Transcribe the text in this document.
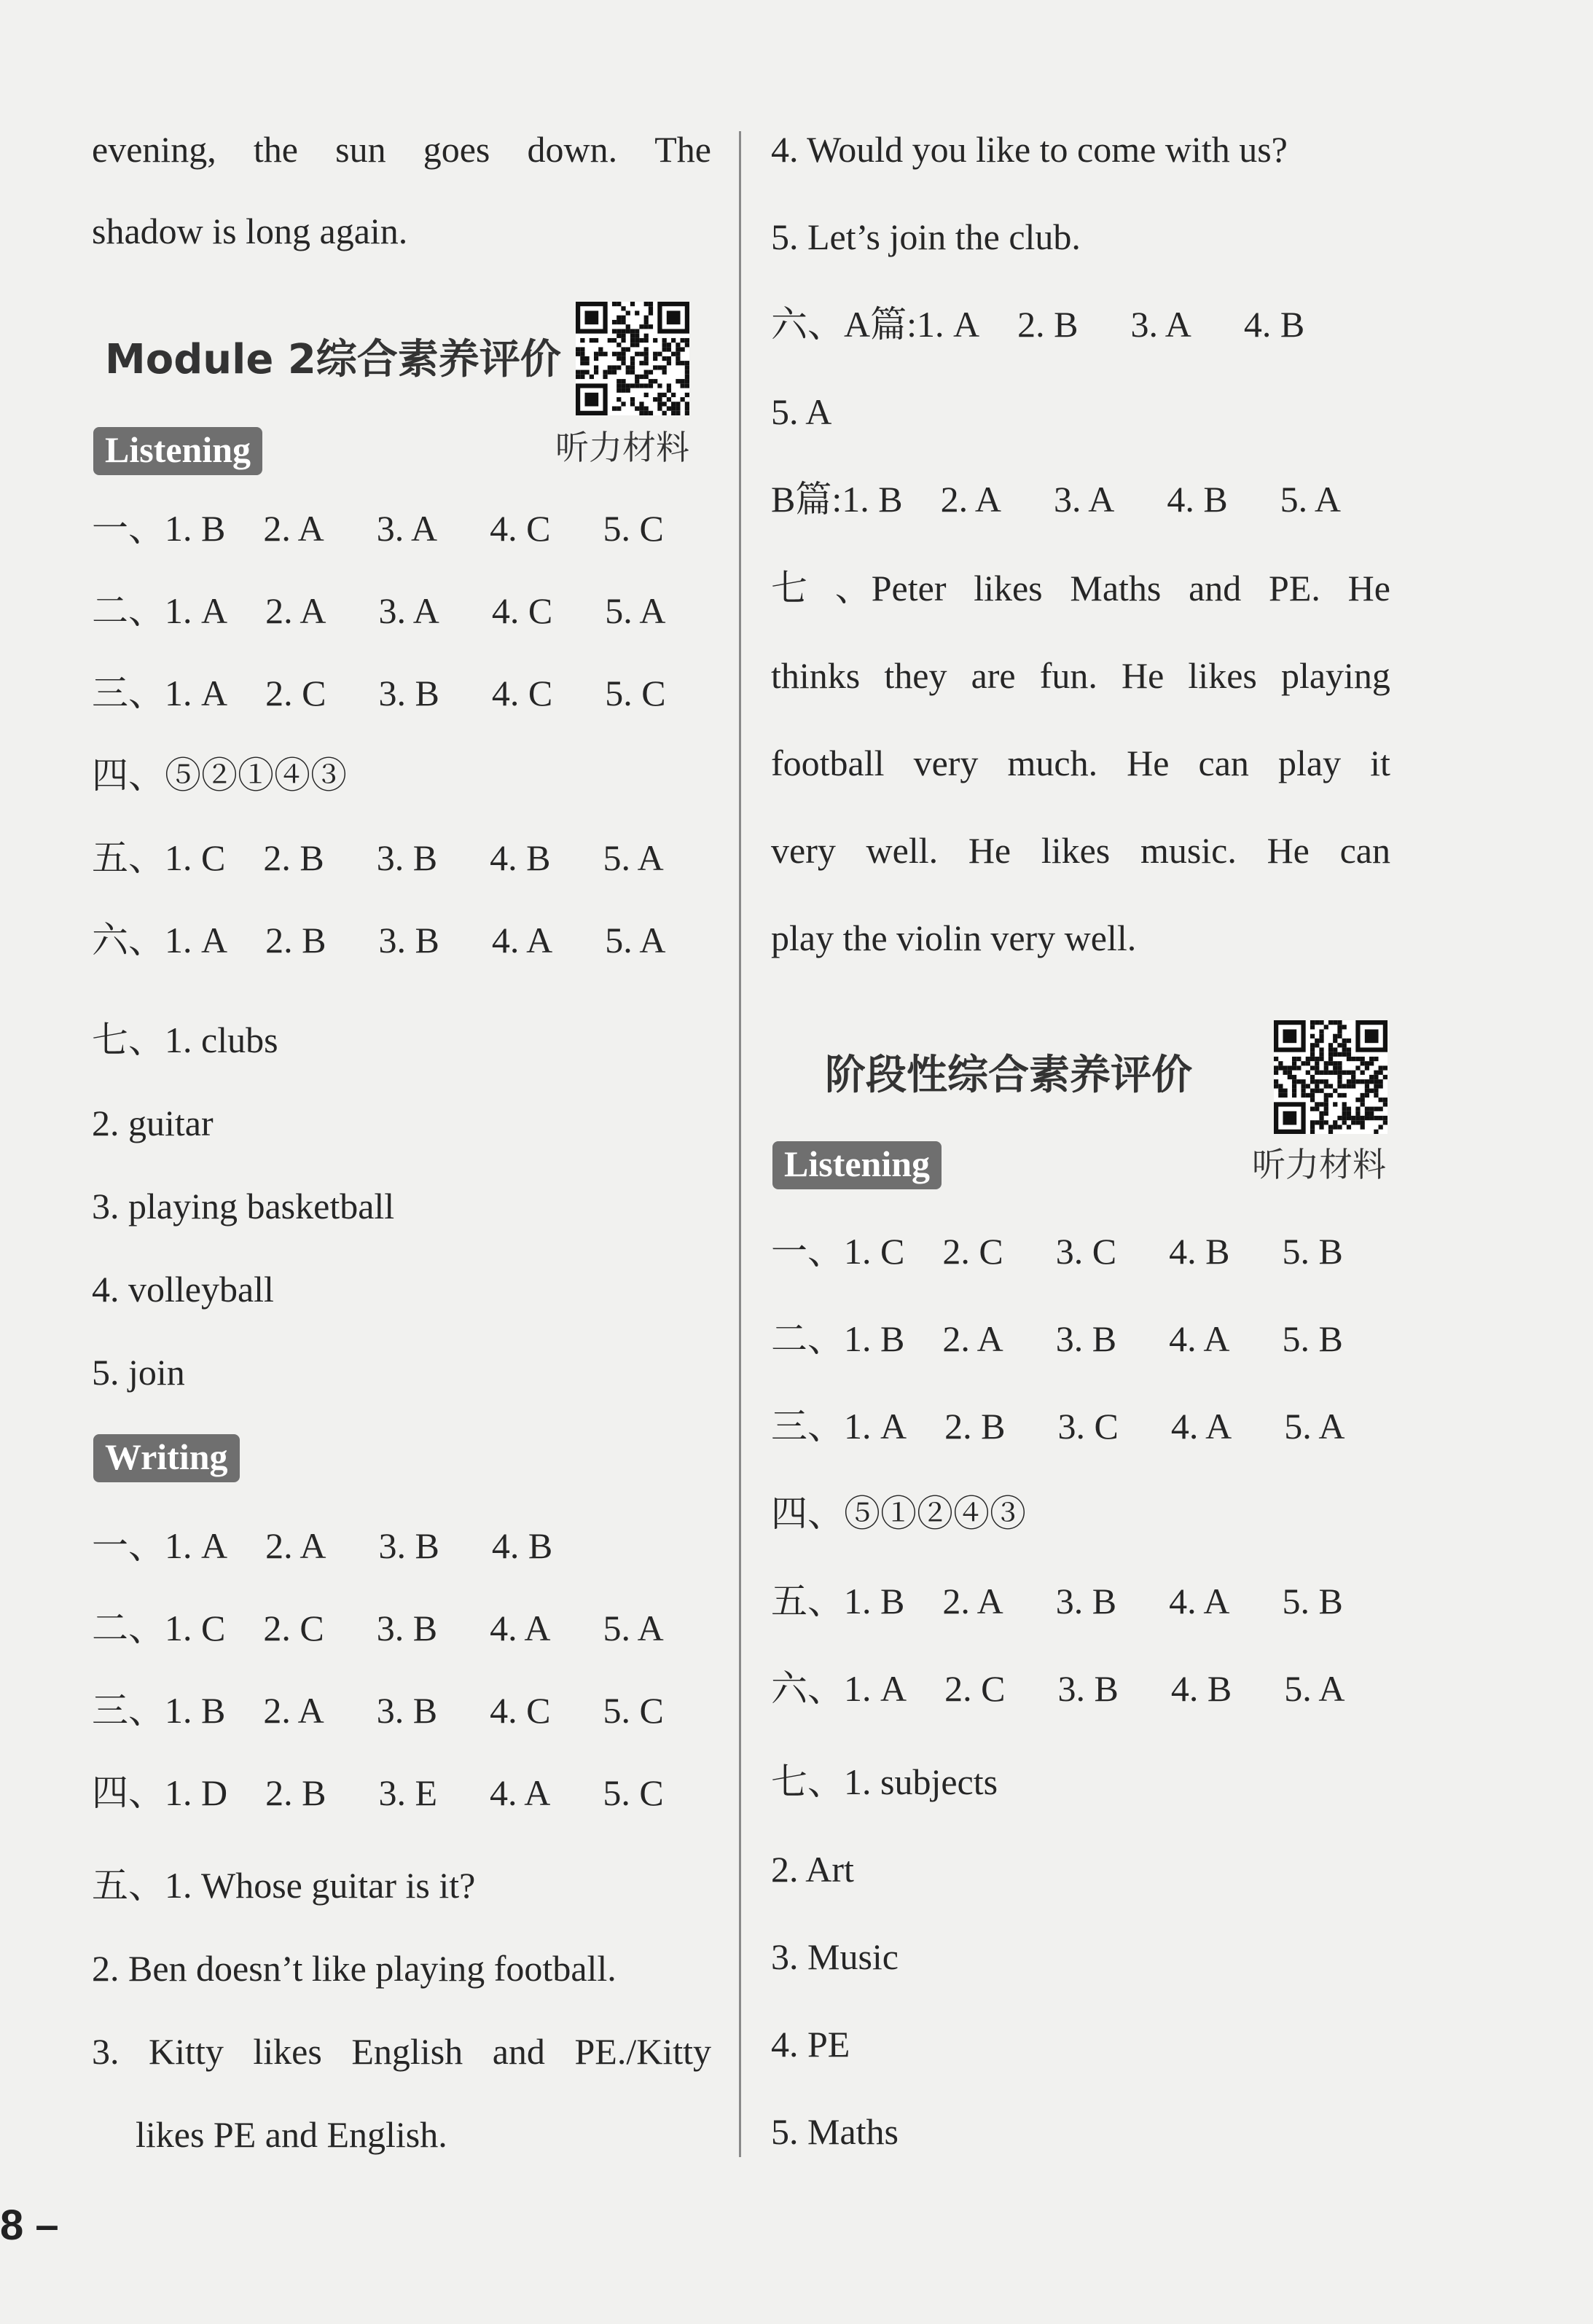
evening, the sun goes down. The
shadow is long again.
Module 2综合素养评价
听力材料
Listening
一、1. B 2. A 3. A 4. C 5. C
二、1. A 2. A 3. A 4. C 5. A
三、1. A 2. C 3. B 4. C 5. C
四、⑤②①④③
五、1. C 2. B 3. B 4. B 5. A
六、1. A 2. B 3. B 4. A 5. A
七、1. clubs
2. guitar
3. playing basketball
4. volleyball
5. join
Writing
一、1. A 2. A 3. B 4. B
二、1. C 2. C 3. B 4. A 5. A
三、1. B 2. A 3. B 4. C 5. C
四、1. D 2. B 3. E 4. A 5. C
五、1. Whose guitar is it?
2. Ben doesn’t like playing football.
3. Kitty likes English and PE./Kitty
likes PE and English.
4. Would you like to come with us?
5. Let’s join the club.
六、A篇:1. A 2. B 3. A 4. B
5. A
B篇:1. B 2. A 3. A 4. B 5. A
七 、Peter likes Maths and PE. He
thinks they are fun. He likes playing
football very much. He can play it
very well. He likes music. He can
play the violin very well.
阶段性综合素养评价
听力材料
Listening
一、1. C 2. C 3. C 4. B 5. B
二、1. B 2. A 3. B 4. A 5. B
三、1. A 2. B 3. C 4. A 5. A
四、⑤①②④③
五、1. B 2. A 3. B 4. A 5. B
六、1. A 2. C 3. B 4. B 5. A
七、1. subjects
2. Art
3. Music
4. PE
5. Maths
8 –
